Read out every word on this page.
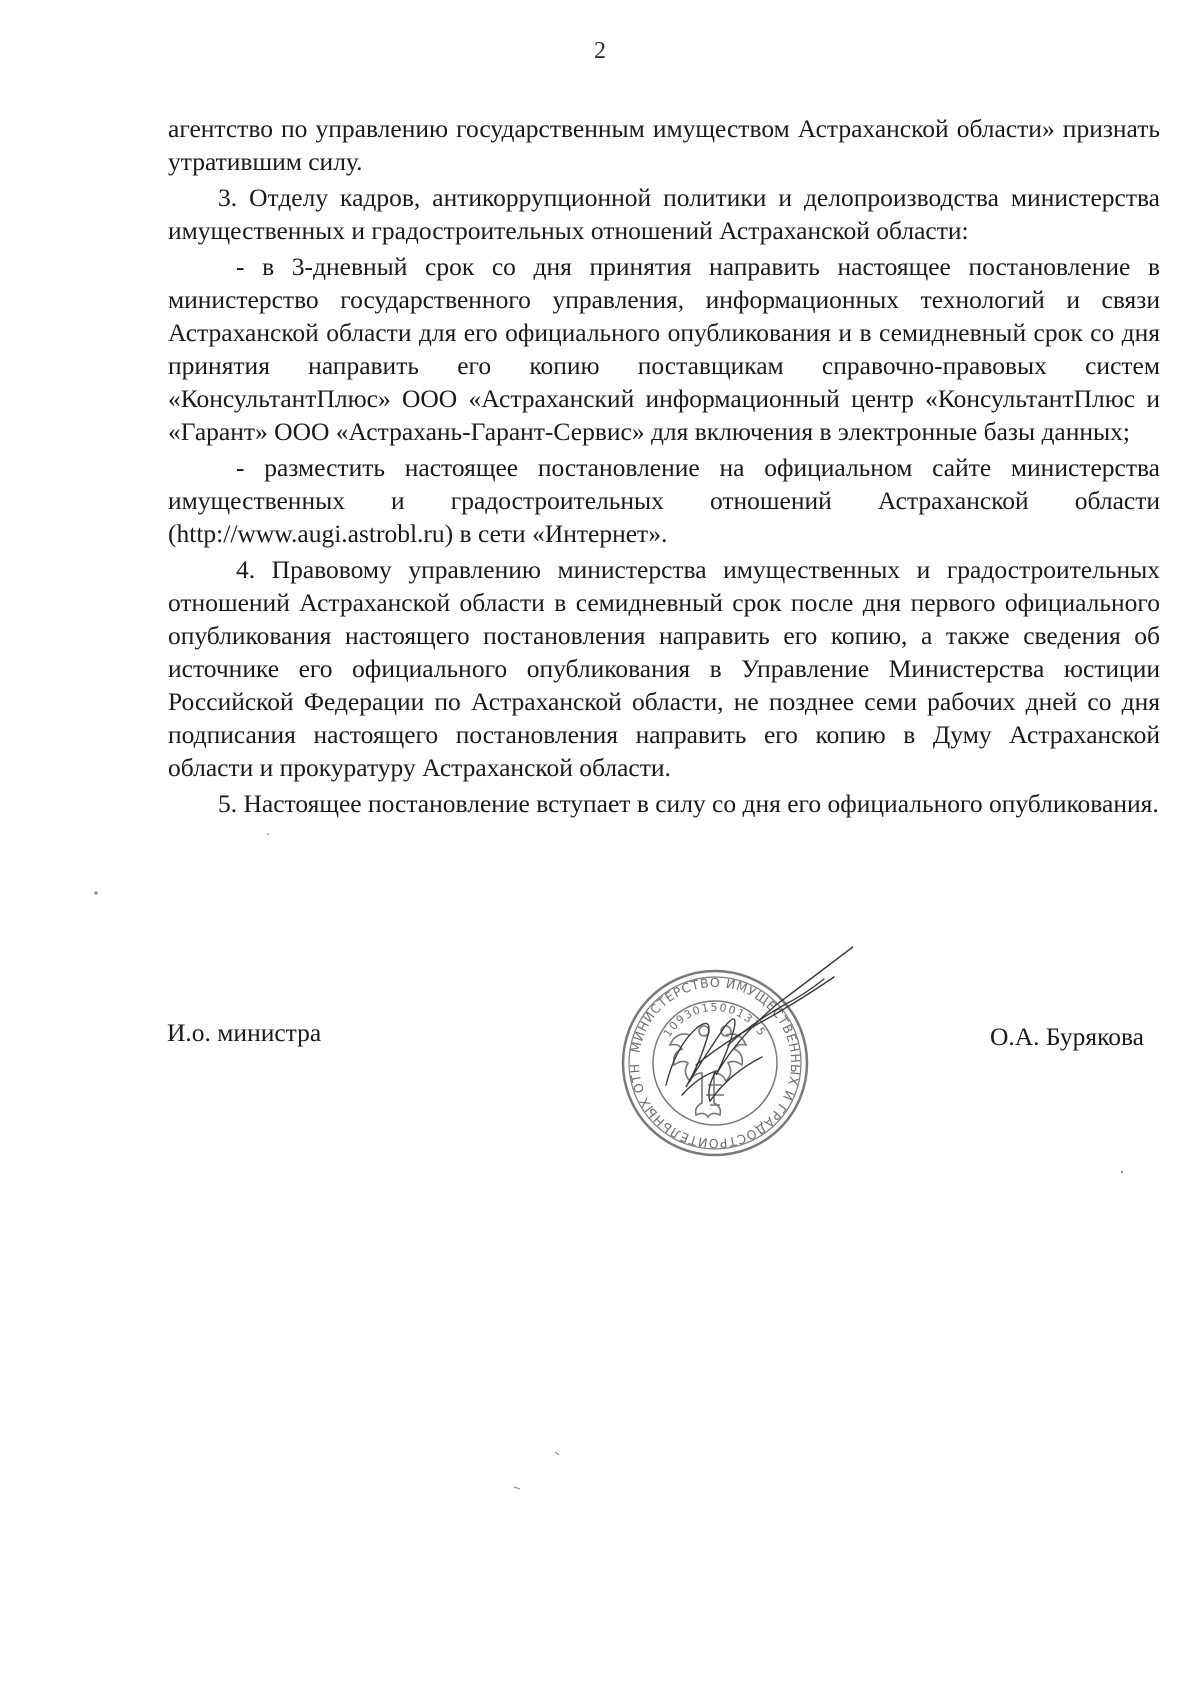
2

агентство по управлению государственным имуществом Астраханской области» признать утратившим силу.

3. Отделу кадров, антикоррупционной политики и делопроизводства министерства имущественных и градостроительных отношений Астраханской области:

- в 3-дневный срок со дня принятия направить настоящее постановление в министерство государственного управления, информационных технологий и связи Астраханской области для его официального опубликования и в семидневный срок со дня принятия направить его копию поставщикам справочно-правовых систем «КонсультантПлюс» ООО «Астраханский информационный центр «КонсультантПлюс и «Гарант» ООО «Астрахань-Гарант-Сервис» для включения в электронные базы данных;

- разместить настоящее постановление на официальном сайте министерства имущественных и градостроительных отношений Астраханской области (http://www.augi.astrobl.ru) в сети «Интернет».

4. Правовому управлению министерства имущественных и градостроительных отношений Астраханской области в семидневный срок после дня первого официального опубликования настоящего постановления направить его копию, а также сведения об источнике его официального опубликования в Управление Министерства юстиции Российской Федерации по Астраханской области, не позднее семи рабочих дней со дня подписания настоящего постановления направить его копию в Думу Астраханской области и прокуратуру Астраханской области.

5. Настоящее постановление вступает в силу со дня его официального опубликования.

И.о. министра	О.А. Бурякова
МИНИСТЕРСТВО ИМУЩЕСТВЕННЫХ И ГРАДОСТРОИТЕЛЬНЫХ ОТН
1093015001315
